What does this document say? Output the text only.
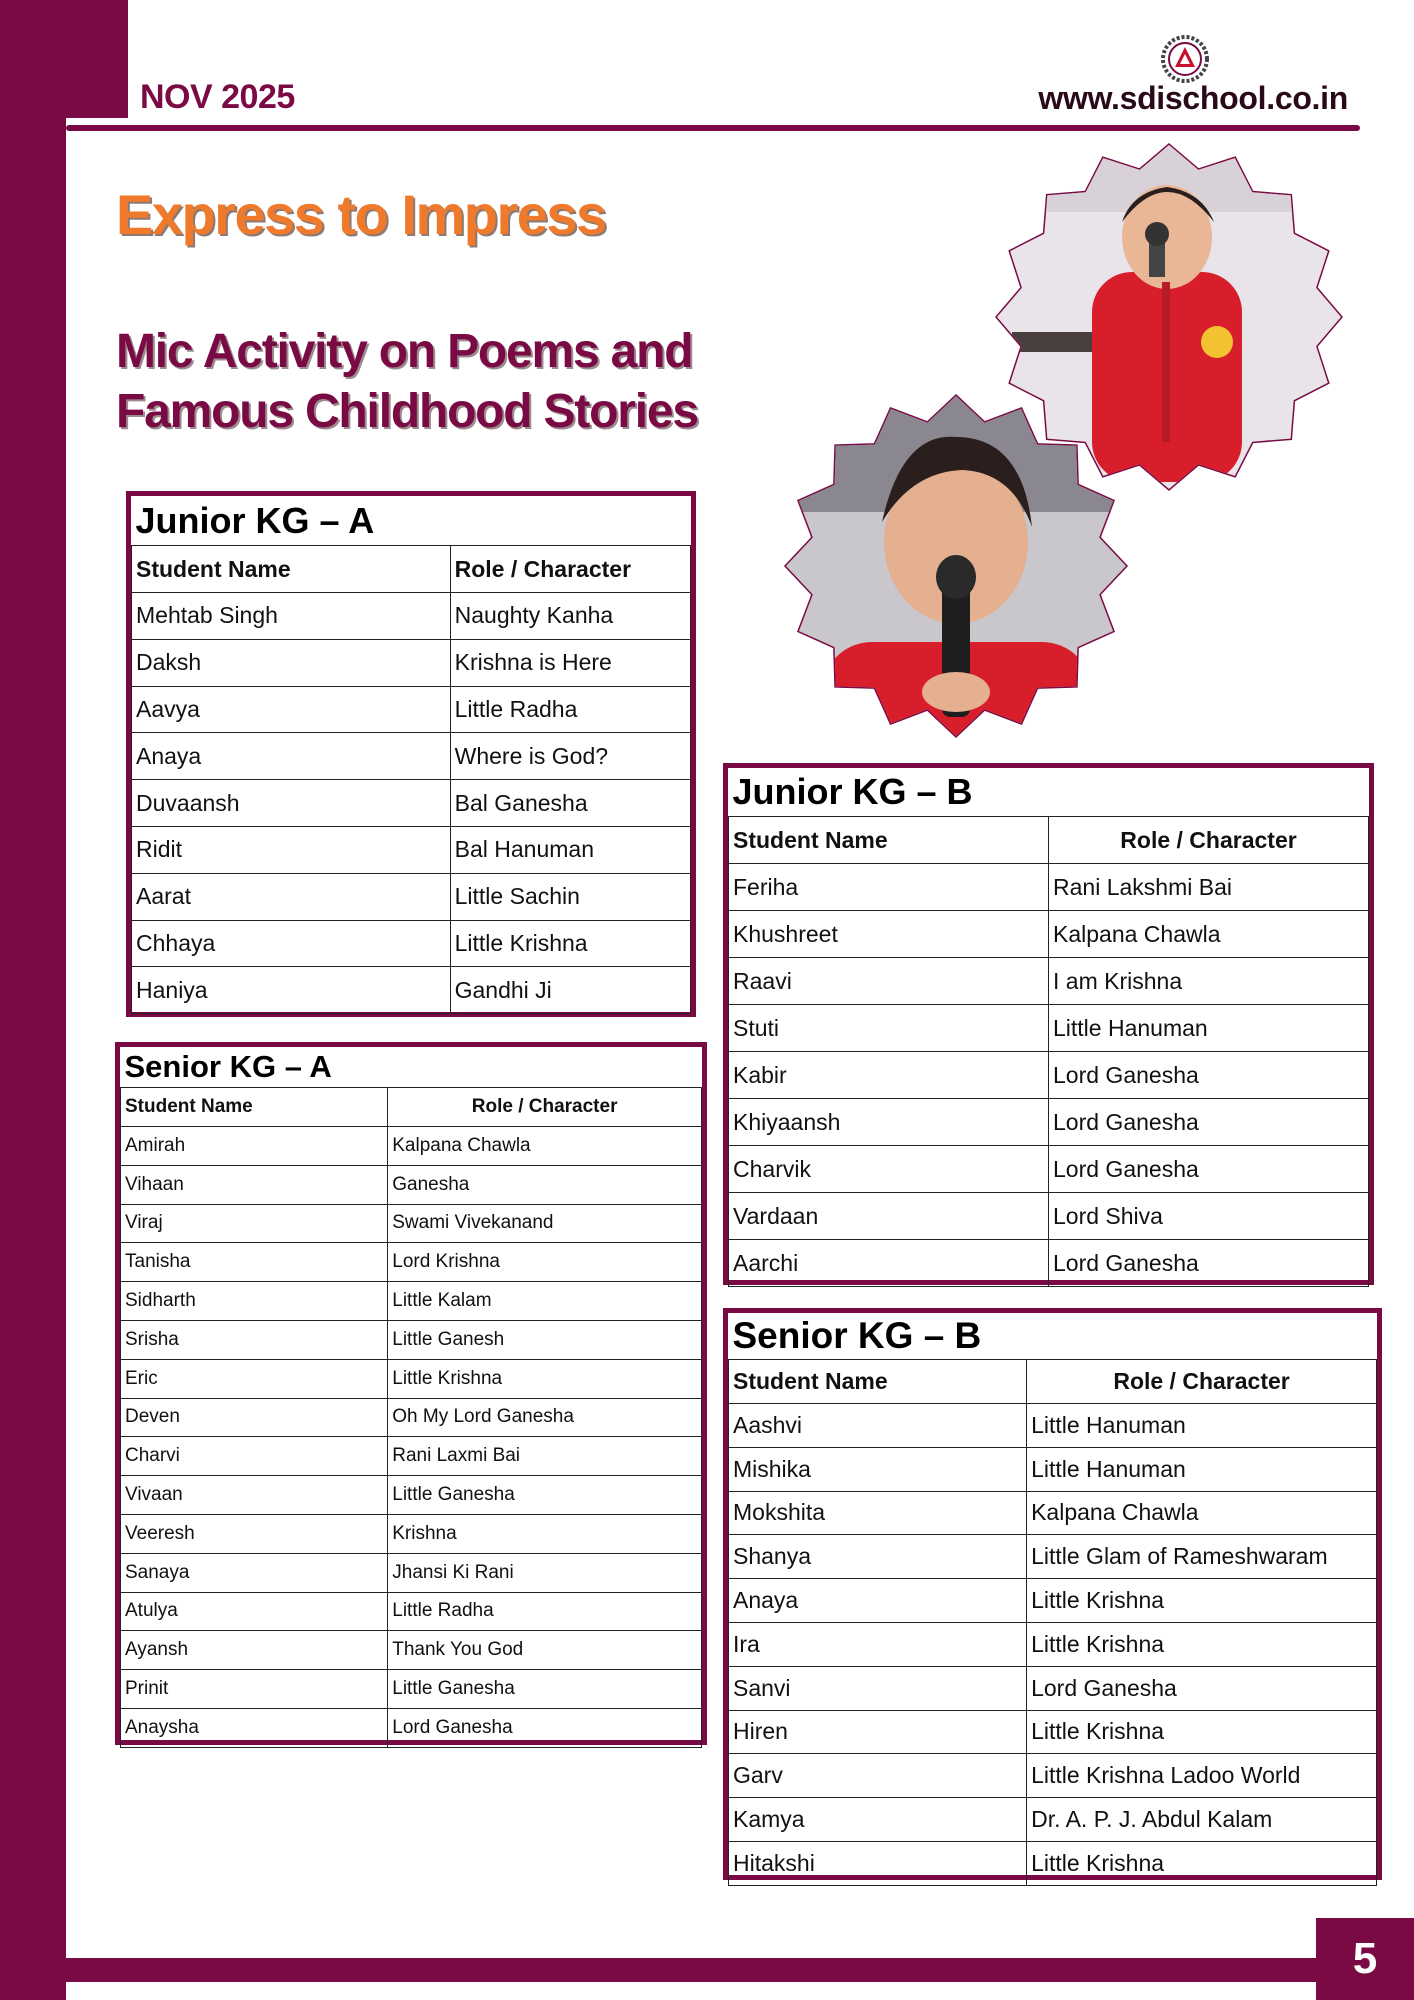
NOV 2025	www.sdischool.co.in
Express to Impress
Mic Activity on Poems and Famous Childhood Stories
Junior KG – A	
Student Name	Role / Character
Mehtab Singh	Naughty Kanha
Daksh	Krishna is Here
Aavya	Little Radha
Anaya	Where is God?
Duvaansh	Bal Ganesha
Ridit	Bal Hanuman
Aarat	Little Sachin
Chhaya	Little Krishna
Haniya	Gandhi Ji
Junior KG – B	
Student Name	Role / Character
Feriha	Rani Lakshmi Bai
Khushreet	Kalpana Chawla
Raavi	I am Krishna
Stuti	Little Hanuman
Kabir	Lord Ganesha
Khiyaansh	Lord Ganesha
Charvik	Lord Ganesha
Vardaan	Lord Shiva
Aarchi	Lord Ganesha
Senior KG – A	
Student Name	Role / Character
Amirah	Kalpana Chawla
Vihaan	Ganesha
Viraj	Swami Vivekanand
Tanisha	Lord Krishna
Sidharth	Little Kalam
Srisha	Little Ganesh
Eric	Little Krishna
Deven	Oh My Lord Ganesha
Charvi	Rani Laxmi Bai
Vivaan	Little Ganesha
Veeresh	Krishna
Sanaya	Jhansi Ki Rani
Atulya	Little Radha
Ayansh	Thank You God
Prinit	Little Ganesha
Anaysha	Lord Ganesha
Senior KG – B	
Student Name	Role / Character
Aashvi	Little Hanuman
Mishika	Little Hanuman
Mokshita	Kalpana Chawla
Shanya	Little Glam of Rameshwaram
Anaya	Little Krishna
Ira	Little Krishna
Sanvi	Lord Ganesha
Hiren	Little Krishna
Garv	Little Krishna Ladoo World
Kamya	Dr. A. P. J. Abdul Kalam
Hitakshi	Little Krishna
5
